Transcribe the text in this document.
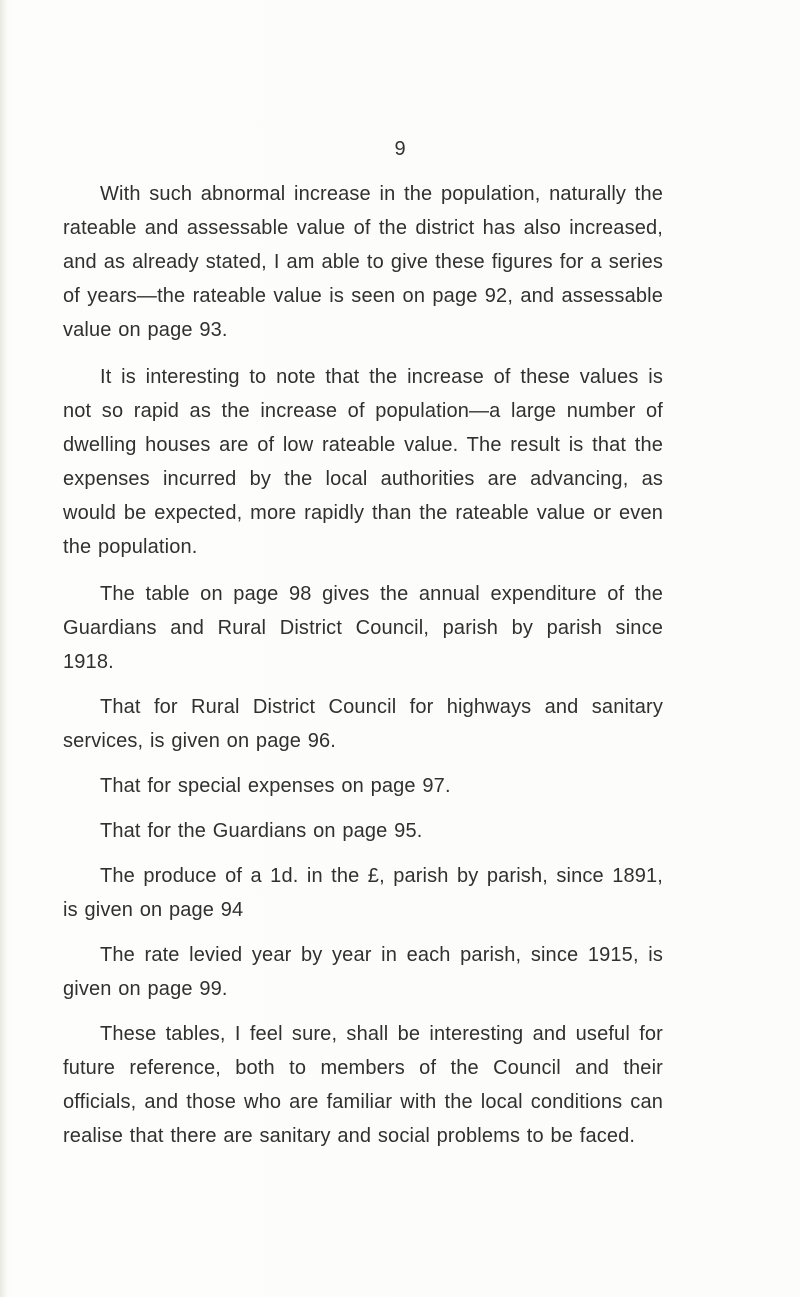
9

With such abnormal increase in the population, naturally the rateable and assessable value of the district has also increased, and as already stated, I am able to give these figures for a series of years—the rateable value is seen on page 92, and assessable value on page 93.

It is interesting to note that the increase of these values is not so rapid as the increase of population—a large number of dwelling houses are of low rateable value. The result is that the expenses incurred by the local authorities are advancing, as would be expected, more rapidly than the rateable value or even the population.

The table on page 98 gives the annual expenditure of the Guardians and Rural District Council, parish by parish since 1918.

That for Rural District Council for highways and sanitary services, is given on page 96.

That for special expenses on page 97.

That for the Guardians on page 95.

The produce of a 1d. in the £, parish by parish, since 1891, is given on page 94

The rate levied year by year in each parish, since 1915, is given on page 99.

These tables, I feel sure, shall be interesting and useful for future reference, both to members of the Council and their officials, and those who are familiar with the local conditions can realise that there are sanitary and social problems to be faced.
